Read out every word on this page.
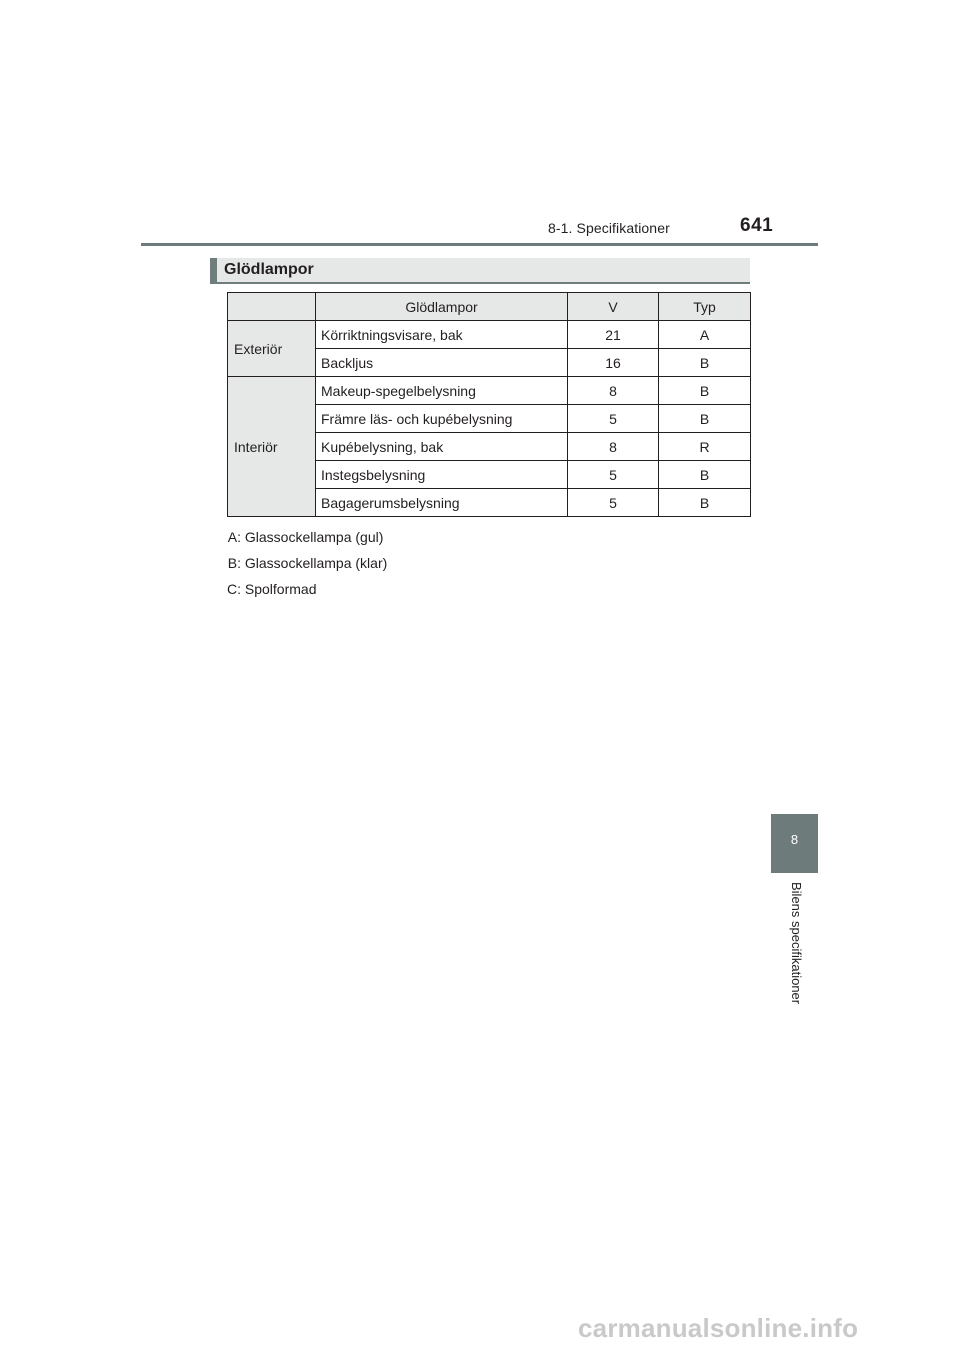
8-1. Specifikationer	641
Glödlampor
	Glödlampor	V	Typ
Exteriör	Körriktningsvisare, bak	21	A
	Backljus	16	B
Interiör	Makeup-spegelbelysning	8	B
	Främre läs- och kupébelysning	5	B
	Kupébelysning, bak	8	R
	Instegsbelysning	5	B
	Bagagerumsbelysning	5	B
A: Glassockellampa (gul)
B: Glassockellampa (klar)
C: Spolformad
8
Bilens specifikationer
carmanualsonline.info
